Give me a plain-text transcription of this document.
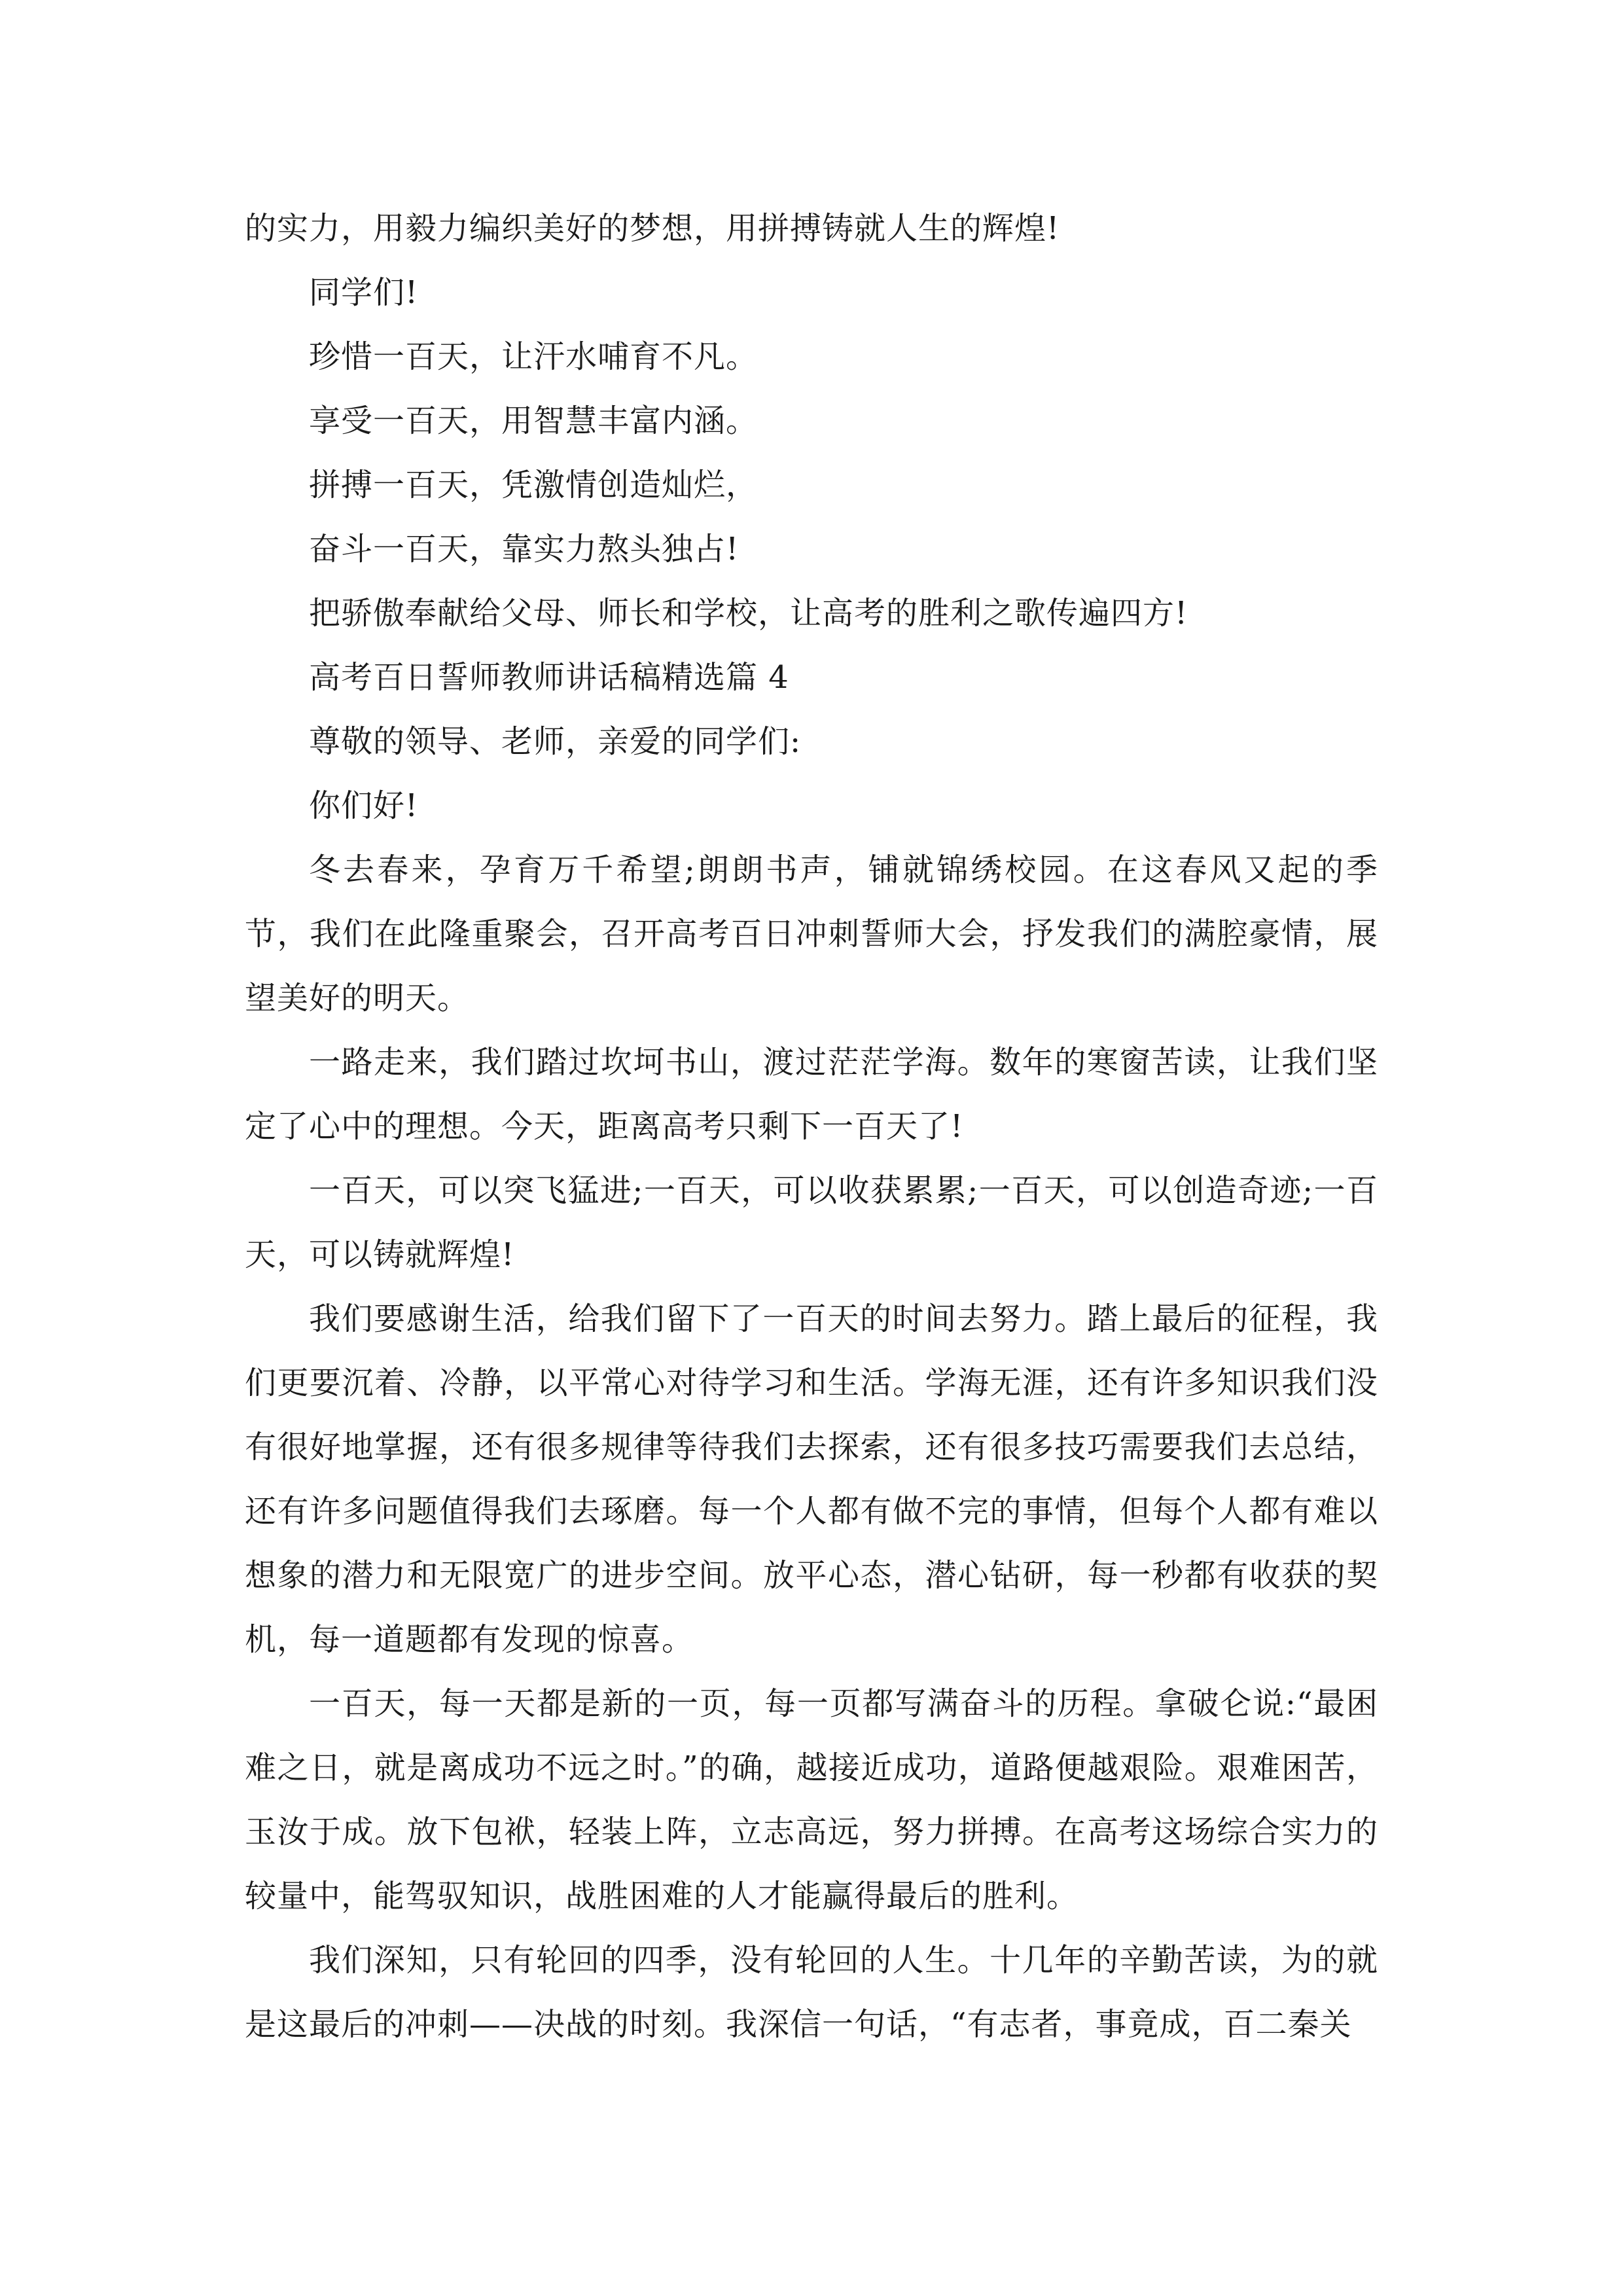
的实力，用毅力编织美好的梦想，用拼搏铸就人生的辉煌!

同学们!

珍惜一百天，让汗水哺育不凡。

享受一百天，用智慧丰富内涵。

拼搏一百天，凭激情创造灿烂，

奋斗一百天，靠实力熬头独占!

把骄傲奉献给父母、师长和学校，让高考的胜利之歌传遍四方!

高考百日誓师教师讲话稿精选篇 4

尊敬的领导、老师，亲爱的同学们:

你们好!

冬去春来，孕育万千希望;朗朗书声，铺就锦绣校园。在这春风又起的季节，我们在此隆重聚会，召开高考百日冲刺誓师大会，抒发我们的满腔豪情，展望美好的明天。

一路走来，我们踏过坎坷书山，渡过茫茫学海。数年的寒窗苦读，让我们坚定了心中的理想。今天，距离高考只剩下一百天了!

一百天，可以突飞猛进;一百天，可以收获累累;一百天，可以创造奇迹;一百天，可以铸就辉煌!

我们要感谢生活，给我们留下了一百天的时间去努力。踏上最后的征程，我们更要沉着、冷静，以平常心对待学习和生活。学海无涯，还有许多知识我们没有很好地掌握，还有很多规律等待我们去探索，还有很多技巧需要我们去总结，还有许多问题值得我们去琢磨。每一个人都有做不完的事情，但每个人都有难以想象的潜力和无限宽广的进步空间。放平心态，潜心钻研，每一秒都有收获的契机，每一道题都有发现的惊喜。

一百天，每一天都是新的一页，每一页都写满奋斗的历程。拿破仑说:“最困难之日，就是离成功不远之时。”的确，越接近成功，道路便越艰险。艰难困苦，玉汝于成。放下包袱，轻装上阵，立志高远，努力拼搏。在高考这场综合实力的较量中，能驾驭知识，战胜困难的人才能赢得最后的胜利。

我们深知，只有轮回的四季，没有轮回的人生。十几年的辛勤苦读，为的就是这最后的冲刺——决战的时刻。我深信一句话，“有志者，事竟成，百二秦关
